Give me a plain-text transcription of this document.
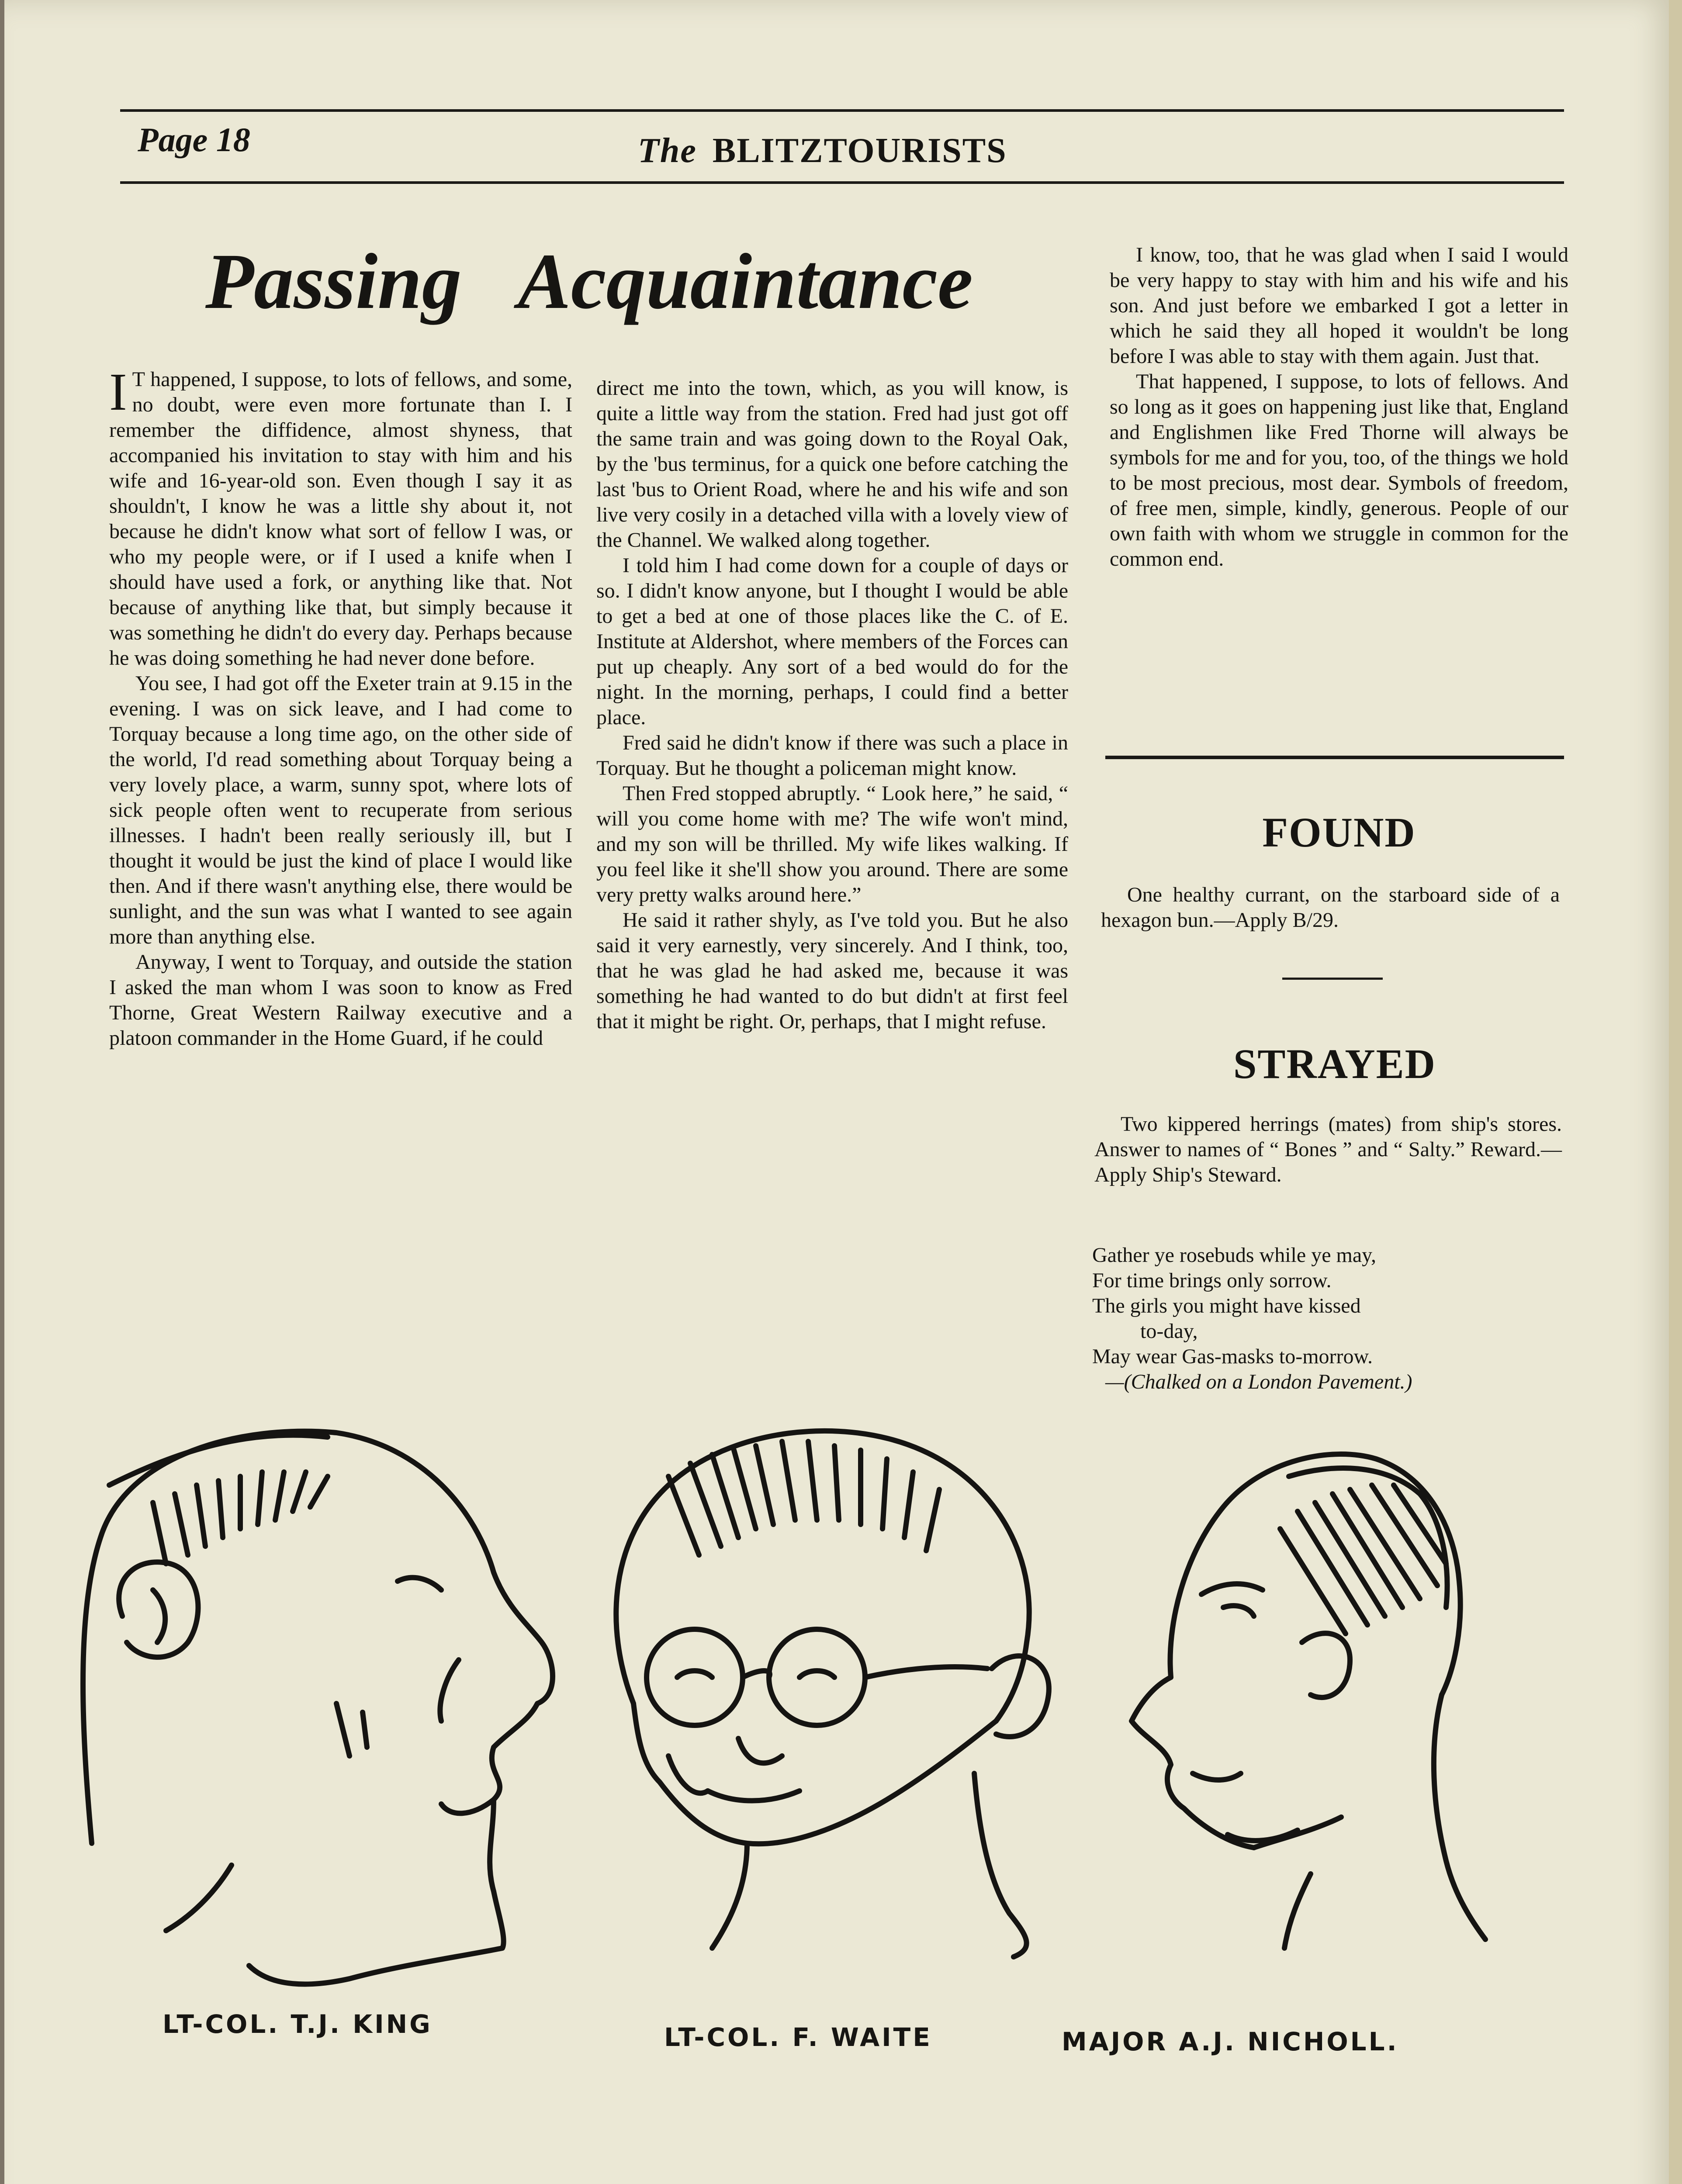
Page 18	The BLITZTOURISTS
Passing Acquaintance

I T happened, I suppose, to lots of fellows, and some, no doubt, were even more fortunate than I. I remember the diffidence, almost shyness, that accompanied his invitation to stay with him and his wife and 16-year-old son. Even though I say it as shouldn't, I know he was a little shy about it, not because he didn't know what sort of fellow I was, or who my people were, or if I used a knife when I should have used a fork, or anything like that. Not because of anything like that, but simply because it was something he didn't do every day. Perhaps because he was doing something he had never done before.

You see, I had got off the Exeter train at 9.15 in the evening. I was on sick leave, and I had come to Torquay because a long time ago, on the other side of the world, I'd read something about Torquay being a very lovely place, a warm, sunny spot, where lots of sick people often went to recuperate from serious illnesses. I hadn't been really seriously ill, but I thought it would be just the kind of place I would like then. And if there wasn't anything else, there would be sunlight, and the sun was what I wanted to see again more than anything else.

Anyway, I went to Torquay, and outside the station I asked the man whom I was soon to know as Fred Thorne, Great Western Railway executive and a platoon commander in the Home Guard, if he could

direct me into the town, which, as you will know, is quite a little way from the station. Fred had just got off the same train and was going down to the Royal Oak, by the 'bus terminus, for a quick one before catching the last 'bus to Orient Road, where he and his wife and son live very cosily in a detached villa with a lovely view of the Channel. We walked along together.

I told him I had come down for a couple of days or so. I didn't know anyone, but I thought I would be able to get a bed at one of those places like the C. of E. Institute at Aldershot, where members of the Forces can put up cheaply. Any sort of a bed would do for the night. In the morning, perhaps, I could find a better place.

Fred said he didn't know if there was such a place in Torquay. But he thought a policeman might know.

Then Fred stopped abruptly. “ Look here,” he said, “ will you come home with me? The wife won't mind, and my son will be thrilled. My wife likes walking. If you feel like it she'll show you around. There are some very pretty walks around here.”

He said it rather shyly, as I've told you. But he also said it very earnestly, very sincerely. And I think, too, that he was glad he had asked me, because it was something he had wanted to do but didn't at first feel that it might be right. Or, perhaps, that I might refuse.

I know, too, that he was glad when I said I would be very happy to stay with him and his wife and his son. And just before we embarked I got a letter in which he said they all hoped it wouldn't be long before I was able to stay with them again. Just that.

That happened, I suppose, to lots of fellows. And so long as it goes on happening just like that, England and Englishmen like Fred Thorne will always be symbols for me and for you, too, of the things we hold to be most precious, most dear. Symbols of freedom, of free men, simple, kindly, generous. People of our own faith with whom we struggle in common for the common end.

FOUND

One healthy currant, on the starboard side of a hexagon bun.—Apply B/29.

STRAYED

Two kippered herrings (mates) from ship's stores. Answer to names of “ Bones ” and “ Salty.” Reward.— Apply Ship's Steward.

Gather ye rosebuds while ye may,
For time brings only sorrow.
The girls you might have kissed
to-day,
May wear Gas-masks to-morrow.
—(Chalked on a London Pavement.)
LT-COL. T.J. KING	LT-COL. F. WAITE	MAJOR A.J. NICHOLL.
